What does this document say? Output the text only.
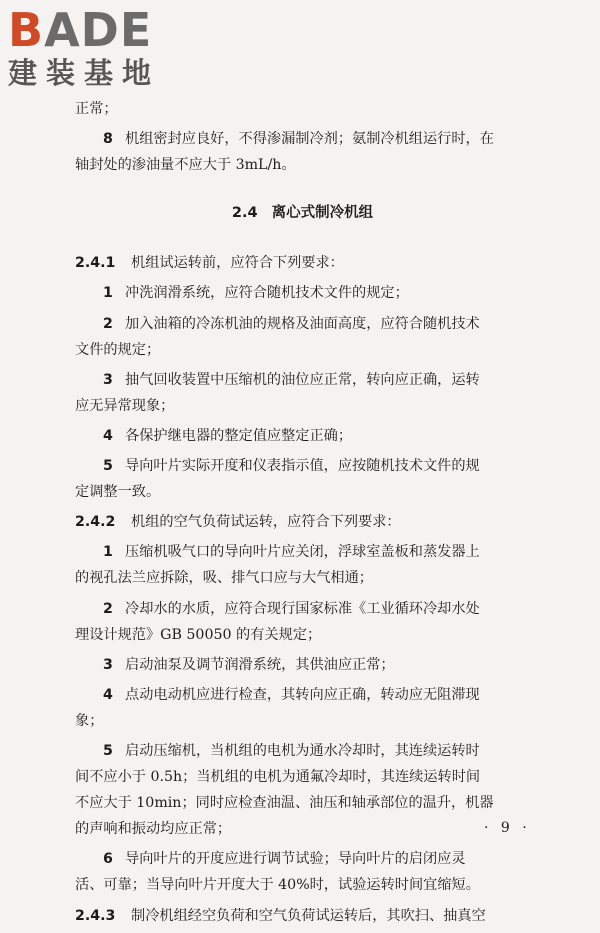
BADE
建装基地
正常；
8 机组密封应良好，不得渗漏制冷剂；氨制冷机组运行时，在
轴封处的渗油量不应大于 3mL/h。
2.4 离心式制冷机组
2.4.1 机组试运转前，应符合下列要求：
1 冲洗润滑系统，应符合随机技术文件的规定；
2 加入油箱的冷冻机油的规格及油面高度，应符合随机技术
文件的规定；
3 抽气回收装置中压缩机的油位应正常，转向应正确，运转
应无异常现象；
4 各保护继电器的整定值应整定正确；
5 导向叶片实际开度和仪表指示值，应按随机技术文件的规
定调整一致。
2.4.2 机组的空气负荷试运转，应符合下列要求：
1 压缩机吸气口的导向叶片应关闭，浮球室盖板和蒸发器上
的视孔法兰应拆除，吸、排气口应与大气相通；
2 冷却水的水质，应符合现行国家标准《工业循环冷却水处
理设计规范》GB 50050 的有关规定；
3 启动油泵及调节润滑系统，其供油应正常；
4 点动电动机应进行检查，其转向应正确，转动应无阻滞现
象；
5 启动压缩机，当机组的电机为通水冷却时，其连续运转时
间不应小于 0.5h；当机组的电机为通氟冷却时，其连续运转时间
不应大于 10min；同时应检查油温、油压和轴承部位的温升，机器
的声响和振动均应正常；
6 导向叶片的开度应进行调节试验；导向叶片的启闭应灵
活、可靠；当导向叶片开度大于 40%时，试验运转时间宜缩短。
2.4.3 制冷机组经空负荷和空气负荷试运转后，其吹扫、抽真空
· 9 ·
